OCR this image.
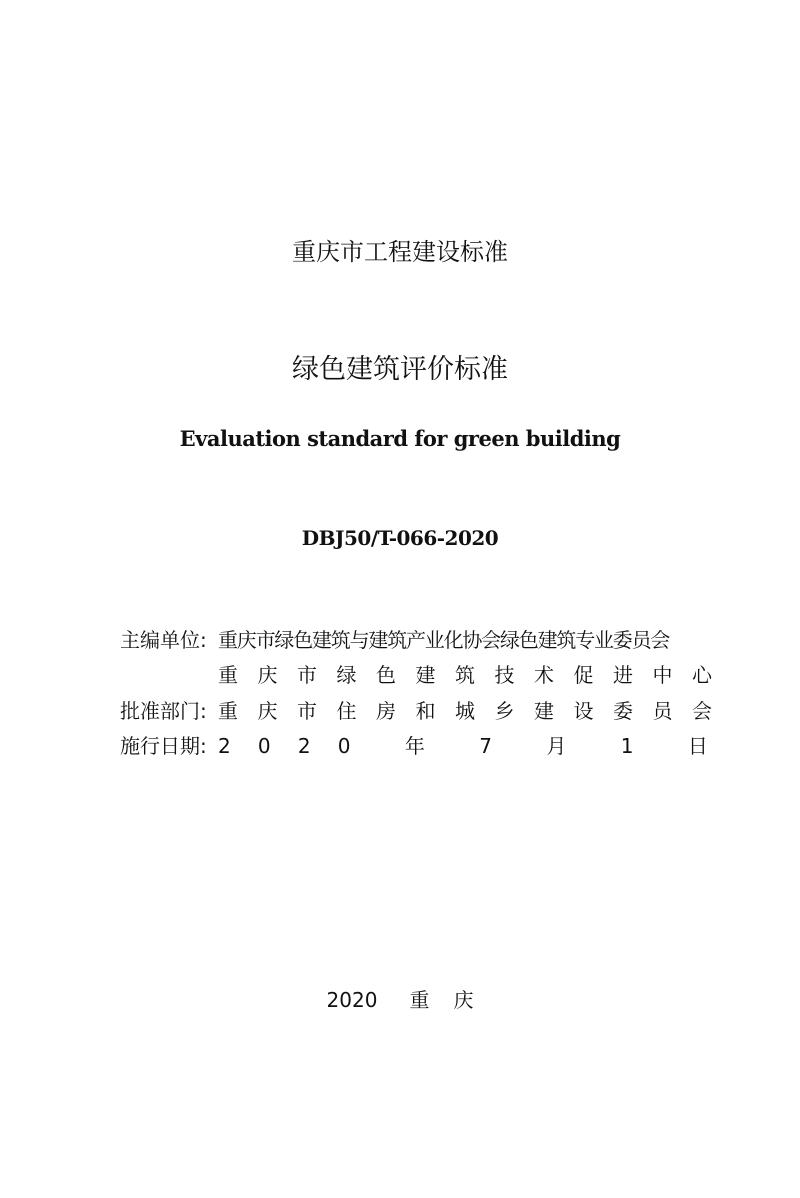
重庆市工程建设标准
绿色建筑评价标准
Evaluation standard for green building
DBJ50/T-066-2020
主编单位: 重庆市绿色建筑与建筑产业化协会绿色建筑专业委员会
重 庆 市 绿 色 建 筑 技 术 促 进 中 心
批准部门: 重 庆 市 住 房 和 城 乡 建 设 委 员 会
施行日期: 2 0 2 0	年	7	月	1	日
2020 重 庆
